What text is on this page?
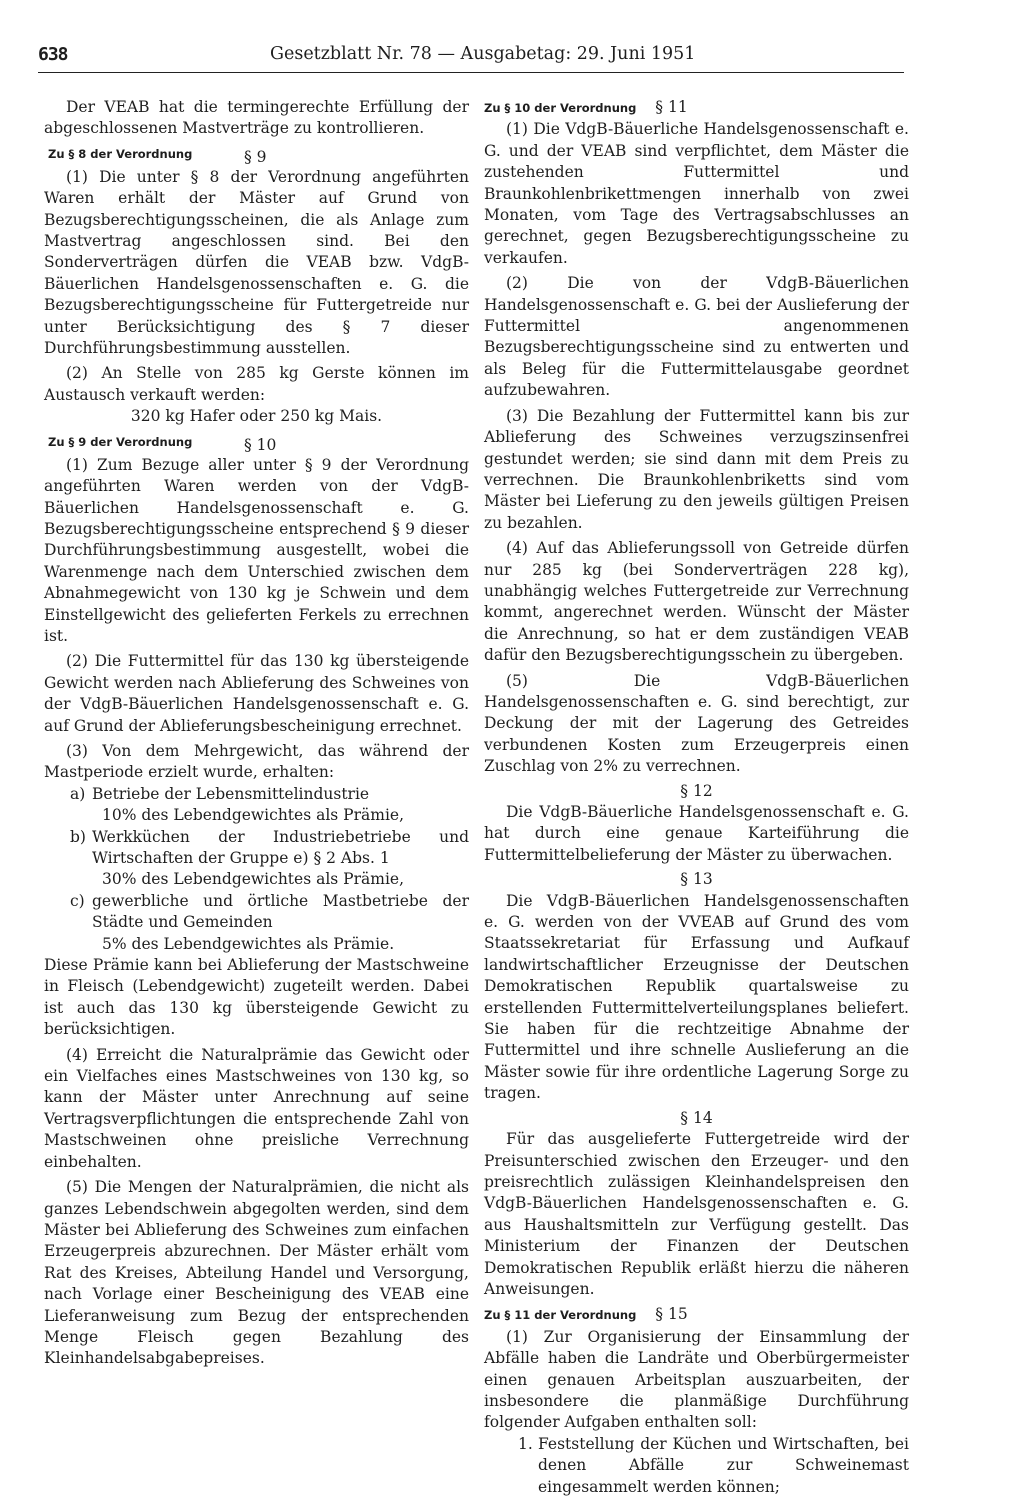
638	Gesetzblatt Nr. 78 — Ausgabetag: 29. Juni 1951

Der VEAB hat die termingerechte Erfüllung der abgeschlossenen Mastverträge zu kontrollieren.

Zu § 8 der Verordnung	§ 9

(1) Die unter § 8 der Verordnung angeführten Waren erhält der Mäster auf Grund von Bezugsberechtigungsscheinen, die als Anlage zum Mastvertrag angeschlossen sind. Bei den Sonderverträgen dürfen die VEAB bzw. VdgB-Bäuerlichen Handelsgenossenschaften e. G. die Bezugsberechtigungsscheine für Futtergetreide nur unter Berücksichtigung des § 7 dieser Durchführungsbestimmung ausstellen.

(2) An Stelle von 285 kg Gerste können im Austausch verkauft werden:

320 kg Hafer oder 250 kg Mais.

Zu § 9 der Verordnung	§ 10

(1) Zum Bezuge aller unter § 9 der Verordnung angeführten Waren werden von der VdgB-Bäuerlichen Handelsgenossenschaft e. G. Bezugsberechtigungsscheine entsprechend § 9 dieser Durchführungsbestimmung ausgestellt, wobei die Warenmenge nach dem Unterschied zwischen dem Abnahmegewicht von 130 kg je Schwein und dem Einstellgewicht des gelieferten Ferkels zu errechnen ist.

(2) Die Futtermittel für das 130 kg übersteigende Gewicht werden nach Ablieferung des Schweines von der VdgB-Bäuerlichen Handelsgenossenschaft e. G. auf Grund der Ablieferungsbescheinigung errechnet.

(3) Von dem Mehrgewicht, das während der Mastperiode erzielt wurde, erhalten:

a) Betriebe der Lebensmittelindustrie

10% des Lebendgewichtes als Prämie,

b) Werkküchen der Industriebetriebe und Wirtschaften der Gruppe e) § 2 Abs. 1

30% des Lebendgewichtes als Prämie,

c) gewerbliche und örtliche Mastbetriebe der Städte und Gemeinden

5% des Lebendgewichtes als Prämie.

Diese Prämie kann bei Ablieferung der Mastschweine in Fleisch (Lebendgewicht) zugeteilt werden. Dabei ist auch das 130 kg übersteigende Gewicht zu berücksichtigen.

(4) Erreicht die Naturalprämie das Gewicht oder ein Vielfaches eines Mastschweines von 130 kg, so kann der Mäster unter Anrechnung auf seine Vertragsverpflichtungen die entsprechende Zahl von Mastschweinen ohne preisliche Verrechnung einbehalten.

(5) Die Mengen der Naturalprämien, die nicht als ganzes Lebendschwein abgegolten werden, sind dem Mäster bei Ablieferung des Schweines zum einfachen Erzeugerpreis abzurechnen. Der Mäster erhält vom Rat des Kreises, Abteilung Handel und Versorgung, nach Vorlage einer Bescheinigung des VEAB eine Lieferanweisung zum Bezug der entsprechenden Menge Fleisch gegen Bezahlung des Kleinhandelsabgabepreises.

Zu § 10 der Verordnung § 11

(1) Die VdgB-Bäuerliche Handelsgenossenschaft e. G. und der VEAB sind verpflichtet, dem Mäster die zustehenden Futtermittel und Braunkohlenbrikettmengen innerhalb von zwei Monaten, vom Tage des Vertragsabschlusses an gerechnet, gegen Bezugsberechtigungsscheine zu verkaufen.

(2) Die von der VdgB-Bäuerlichen Handelsgenossenschaft e. G. bei der Auslieferung der Futtermittel angenommenen Bezugsberechtigungsscheine sind zu entwerten und als Beleg für die Futtermittelausgabe geordnet aufzubewahren.

(3) Die Bezahlung der Futtermittel kann bis zur Ablieferung des Schweines verzugszinsenfrei gestundet werden; sie sind dann mit dem Preis zu verrechnen. Die Braunkohlenbriketts sind vom Mäster bei Lieferung zu den jeweils gültigen Preisen zu bezahlen.

(4) Auf das Ablieferungssoll von Getreide dürfen nur 285 kg (bei Sonderverträgen 228 kg), unabhängig welches Futtergetreide zur Verrechnung kommt, angerechnet werden. Wünscht der Mäster die Anrechnung, so hat er dem zuständigen VEAB dafür den Bezugsberechtigungsschein zu übergeben.

(5) Die VdgB-Bäuerlichen Handelsgenossenschaften e. G. sind berechtigt, zur Deckung der mit der Lagerung des Getreides verbundenen Kosten zum Erzeugerpreis einen Zuschlag von 2% zu verrechnen.

§ 12

Die VdgB-Bäuerliche Handelsgenossenschaft e. G. hat durch eine genaue Karteiführung die Futtermittelbelieferung der Mäster zu überwachen.

§ 13

Die VdgB-Bäuerlichen Handelsgenossenschaften e. G. werden von der VVEAB auf Grund des vom Staatssekretariat für Erfassung und Aufkauf landwirtschaftlicher Erzeugnisse der Deutschen Demokratischen Republik quartalsweise zu erstellenden Futtermittelverteilungsplanes beliefert. Sie haben für die rechtzeitige Abnahme der Futtermittel und ihre schnelle Auslieferung an die Mäster sowie für ihre ordentliche Lagerung Sorge zu tragen.

§ 14

Für das ausgelieferte Futtergetreide wird der Preisunterschied zwischen den Erzeuger- und den preisrechtlich zulässigen Kleinhandelspreisen den VdgB-Bäuerlichen Handelsgenossenschaften e. G. aus Haushaltsmitteln zur Verfügung gestellt. Das Ministerium der Finanzen der Deutschen Demokratischen Republik erläßt hierzu die näheren Anweisungen.

Zu § 11 der Verordnung § 15

(1) Zur Organisierung der Einsammlung der Abfälle haben die Landräte und Oberbürgermeister einen genauen Arbeitsplan auszuarbeiten, der insbesondere die planmäßige Durchführung folgender Aufgaben enthalten soll:

1. Feststellung der Küchen und Wirtschaften, bei denen Abfälle zur Schweinemast eingesammelt werden können;
